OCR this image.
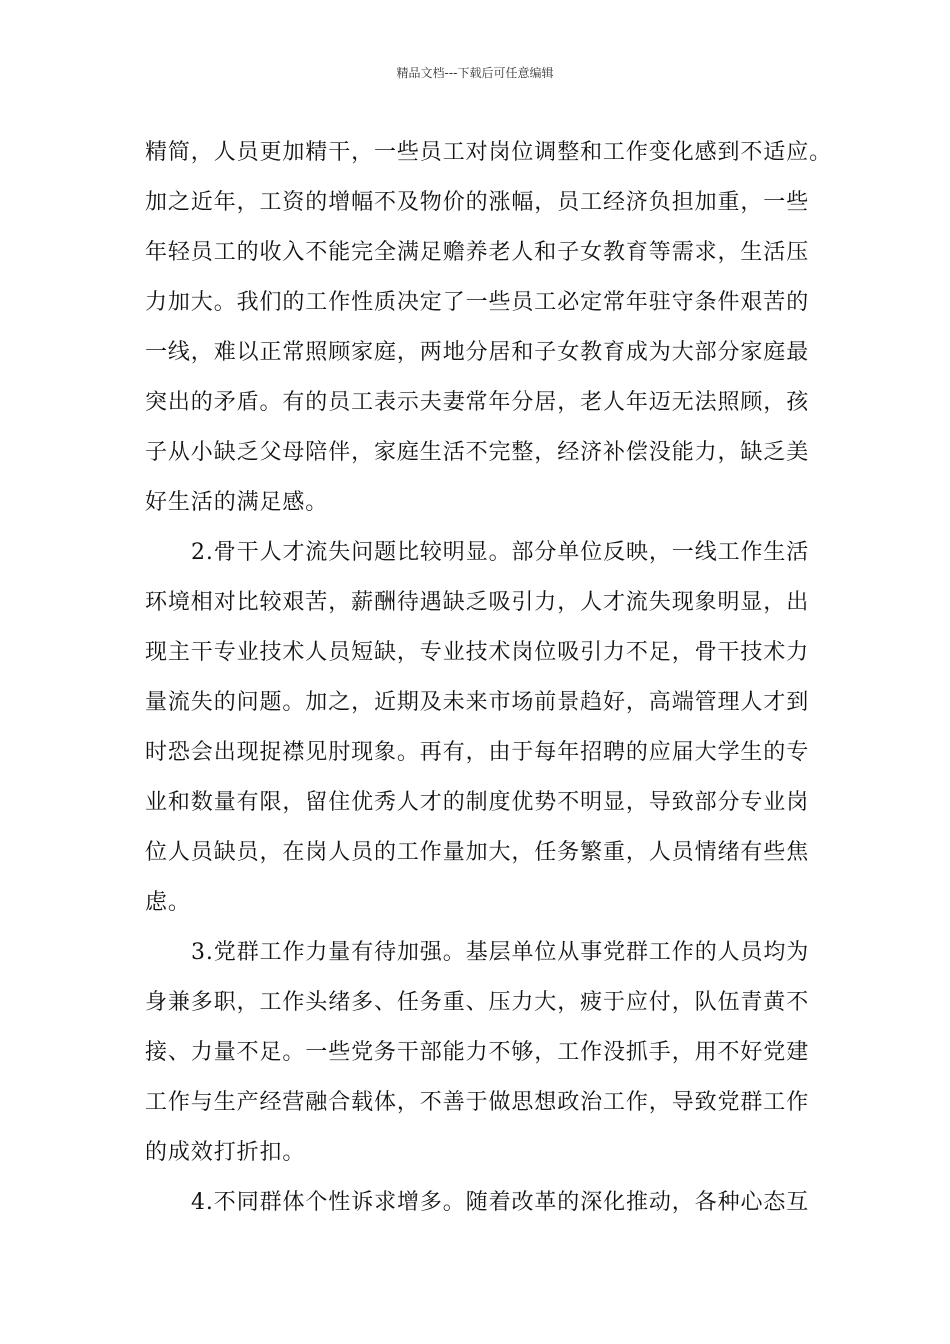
精品文档---下载后可任意编辑
精简，人员更加精干，一些员工对岗位调整和工作变化感到不适应。
加之近年，工资的增幅不及物价的涨幅，员工经济负担加重，一些
年轻员工的收入不能完全满足赡养老人和子女教育等需求，生活压
力加大。我们的工作性质决定了一些员工必定常年驻守条件艰苦的
一线，难以正常照顾家庭，两地分居和子女教育成为大部分家庭最
突出的矛盾。有的员工表示夫妻常年分居，老人年迈无法照顾，孩
子从小缺乏父母陪伴，家庭生活不完整，经济补偿没能力，缺乏美
好生活的满足感。
2.骨干人才流失问题比较明显。部分单位反映，一线工作生活
环境相对比较艰苦，薪酬待遇缺乏吸引力，人才流失现象明显，出
现主干专业技术人员短缺，专业技术岗位吸引力不足，骨干技术力
量流失的问题。加之，近期及未来市场前景趋好，高端管理人才到
时恐会出现捉襟见肘现象。再有，由于每年招聘的应届大学生的专
业和数量有限，留住优秀人才的制度优势不明显，导致部分专业岗
位人员缺员，在岗人员的工作量加大，任务繁重，人员情绪有些焦
虑。
3.党群工作力量有待加强。基层单位从事党群工作的人员均为
身兼多职，工作头绪多、任务重、压力大，疲于应付，队伍青黄不
接、力量不足。一些党务干部能力不够，工作没抓手，用不好党建
工作与生产经营融合载体，不善于做思想政治工作，导致党群工作
的成效打折扣。
4.不同群体个性诉求增多。随着改革的深化推动，各种心态互
